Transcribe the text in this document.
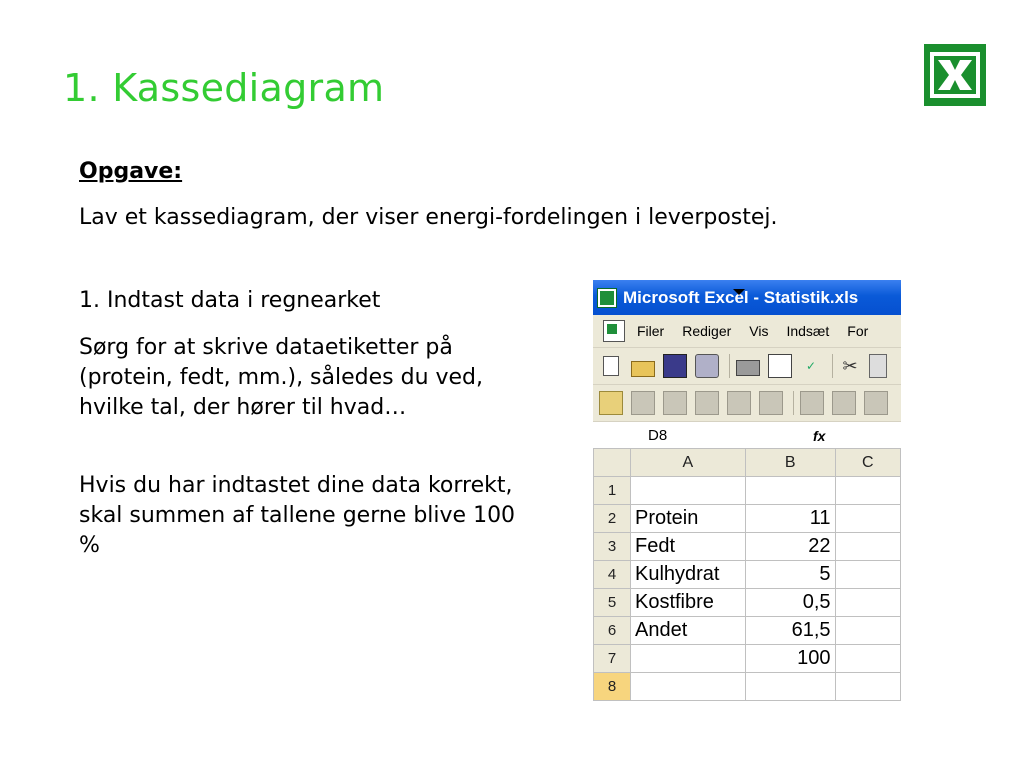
1. Kassediagram
Opgave:
Lav et kassediagram, der viser energi-fordelingen i leverpostej.
1. Indtast data i regnearket
Sørg for at skrive dataetiketter på (protein, fedt, mm.), således du ved, hvilke tal, der hører til hvad…
Hvis du har indtastet dine data korrekt, skal summen af tallene gerne blive 100 %
Microsoft Excel - Statistik.xls
Filer Rediger Vis Indsæt For
✓	✂
D8	fx
	A	B	C
1			
2	Protein	11	
3	Fedt	22	
4	Kulhydrat	5	
5	Kostfibre	0,5	
6	Andet	61,5	
7		100	
8			
